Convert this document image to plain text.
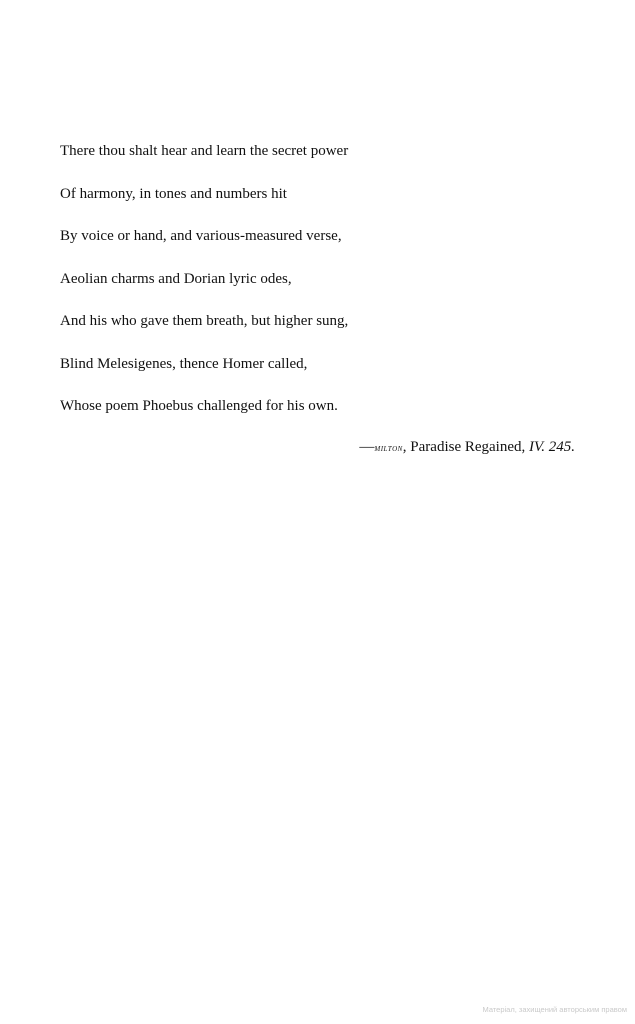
There thou shalt hear and learn the secret power

Of harmony, in tones and numbers hit

By voice or hand, and various-measured verse,

Aeolian charms and Dorian lyric odes,

And his who gave them breath, but higher sung,

Blind Melesigenes, thence Homer called,

Whose poem Phoebus challenged for his own.

—milton, Paradise Regained, IV. 245.
Матеріал, захищений авторським правом
